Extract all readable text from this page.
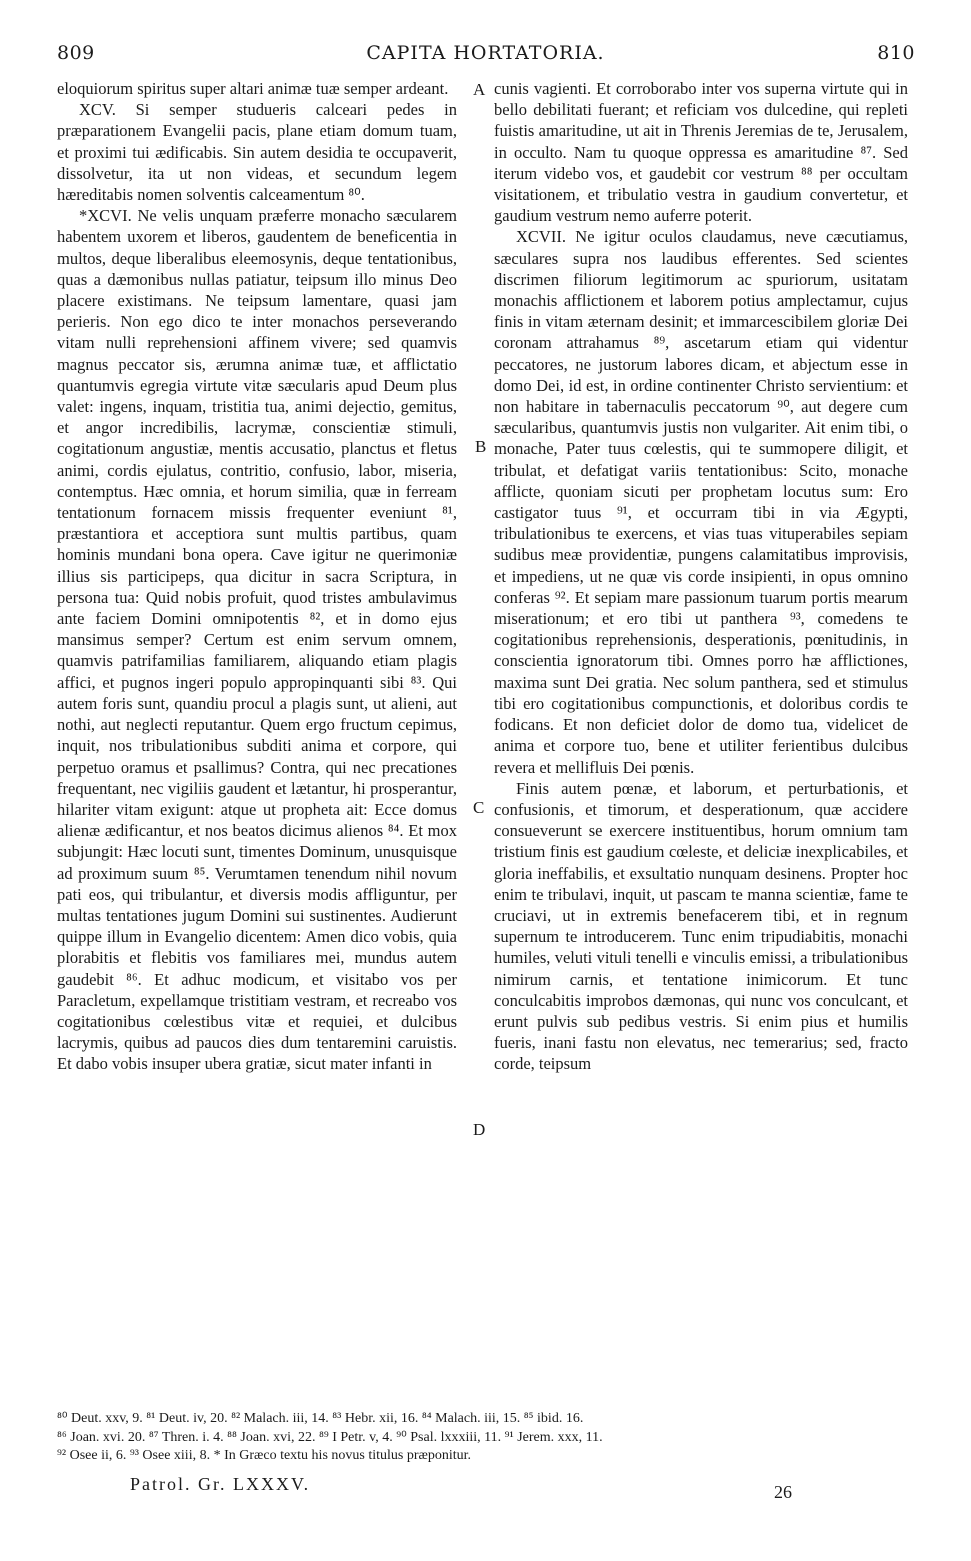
809	CAPITA HORTATORIA.	810

eloquiorum spiritus super altari animæ tuæ semper ardeant.

XCV. Si semper studueris calceari pedes in præparationem Evangelii pacis, plane etiam domum tuam, et proximi tui ædificabis. Sin autem desidia te occupaverit, dissolvetur, ita ut non videas, et secundum legem hæreditabis nomen solventis calceamentum ⁸⁰.

*XCVI. Ne velis unquam præferre monacho sæcularem habentem uxorem et liberos, gaudentem de beneficentia in multos, deque liberalibus eleemosynis, deque tentationibus, quas a dæmonibus nullas patiatur, teipsum illo minus Deo placere existimans. Ne teipsum lamentare, quasi jam perieris. Non ego dico te inter monachos perseverando vitam nulli reprehensioni affinem vivere; sed quamvis magnus peccator sis, ærumna animæ tuæ, et afflictatio quantumvis egregia virtute vitæ sæcularis apud Deum plus valet: ingens, inquam, tristitia tua, animi dejectio, gemitus, et angor incredibilis, lacrymæ, conscientiæ stimuli, cogitationum angustiæ, mentis accusatio, planctus et fletus animi, cordis ejulatus, contritio, confusio, labor, miseria, contemptus. Hæc omnia, et horum similia, quæ in ferream tentationum fornacem missis frequenter eveniunt ⁸¹, præstantiora et acceptiora sunt multis partibus, quam hominis mundani bona opera. Cave igitur ne querimoniæ illius sis participeps, qua dicitur in sacra Scriptura, in persona tua: Quid nobis profuit, quod tristes ambulavimus ante faciem Domini omnipotentis ⁸², et in domo ejus mansimus semper? Certum est enim servum omnem, quamvis patrifamilias familiarem, aliquando etiam plagis affici, et pugnos ingeri populo appropinquanti sibi ⁸³. Qui autem foris sunt, quandiu procul a plagis sunt, ut alieni, aut nothi, aut neglecti reputantur. Quem ergo fructum cepimus, inquit, nos tribulationibus subditi anima et corpore, qui perpetuo oramus et psallimus? Contra, qui nec precationes frequentant, nec vigiliis gaudent et lætantur, hi prosperantur, hilariter vitam exigunt: atque ut propheta ait: Ecce domus alienæ ædificantur, et nos beatos dicimus alienos ⁸⁴. Et mox subjungit: Hæc locuti sunt, timentes Dominum, unusquisque ad proximum suum ⁸⁵. Verumtamen tenendum nihil novum pati eos, qui tribulantur, et diversis modis affliguntur, per multas tentationes jugum Domini sui sustinentes. Audierunt quippe illum in Evangelio dicentem: Amen dico vobis, quia plorabitis et flebitis vos familiares mei, mundus autem gaudebit ⁸⁶. Et adhuc modicum, et visitabo vos per Paracletum, expellamque tristitiam vestram, et recreabo vos cogitationibus cœlestibus vitæ et requiei, et dulcibus lacrymis, quibus ad paucos dies dum tentaremini caruistis. Et dabo vobis insuper ubera gratiæ, sicut mater infanti in

cunis vagienti. Et corroborabo inter vos superna virtute qui in bello debilitati fuerant; et reficiam vos dulcedine, qui repleti fuistis amaritudine, ut ait in Threnis Jeremias de te, Jerusalem, in occulto. Nam tu quoque oppressa es amaritudine ⁸⁷. Sed iterum videbo vos, et gaudebit cor vestrum ⁸⁸ per occultam visitationem, et tribulatio vestra in gaudium convertetur, et gaudium vestrum nemo auferre poterit.

XCVII. Ne igitur oculos claudamus, neve cæcutiamus, sæculares supra nos laudibus efferentes. Sed scientes discrimen filiorum legitimorum ac spuriorum, usitatam monachis afflictionem et laborem potius amplectamur, cujus finis in vitam æternam desinit; et immarcescibilem gloriæ Dei coronam attrahamus ⁸⁹, ascetarum etiam qui videntur peccatores, ne justorum labores dicam, et abjectum esse in domo Dei, id est, in ordine continenter Christo servientium: et non habitare in tabernaculis peccatorum ⁹⁰, aut degere cum sæcularibus, quantumvis justis non vulgariter. Ait enim tibi, o monache, Pater tuus cœlestis, qui te summopere diligit, et tribulat, et defatigat variis tentationibus: Scito, monache afflicte, quoniam sicuti per prophetam locutus sum: Ero castigator tuus ⁹¹, et occurram tibi in via Ægypti, tribulationibus te exercens, et vias tuas vituperabiles sepiam sudibus meæ providentiæ, pungens calamitatibus improvisis, et impediens, ut ne quæ vis corde insipienti, in opus omnino conferas ⁹². Et sepiam mare passionum tuarum portis mearum miserationum; et ero tibi ut panthera ⁹³, comedens te cogitationibus reprehensionis, desperationis, pœnitudinis, in conscientia ignoratorum tibi. Omnes porro hæ afflictiones, maxima sunt Dei gratia. Nec solum panthera, sed et stimulus tibi ero cogitationibus compunctionis, et doloribus cordis te fodicans. Et non deficiet dolor de domo tua, videlicet de anima et corpore tuo, bene et utiliter ferientibus dulcibus revera et mellifluis Dei pœnis.

Finis autem pœnæ, et laborum, et perturbationis, et confusionis, et timorum, et desperationum, quæ accidere consueverunt se exercere instituentibus, horum omnium tam tristium finis est gaudium cœleste, et deliciæ inexplicabiles, et gloria ineffabilis, et exsultatio nunquam desinens. Propter hoc enim te tribulavi, inquit, ut pascam te manna scientiæ, fame te cruciavi, ut in extremis benefacerem tibi, et in regnum supernum te introducerem. Tunc enim tripudiabitis, monachi humiles, veluti vituli tenelli e vinculis emissi, a tribulationibus nimirum carnis, et tentatione inimicorum. Et tunc conculcabitis improbos dæmonas, qui nunc vos conculcant, et erunt pulvis sub pedibus vestris. Si enim pius et humilis fueris, inani fastu non elevatus, nec temerarius; sed, fracto corde, teipsum

A
B
C
D
⁸⁰ Deut. xxv, 9. ⁸¹ Deut. iv, 20. ⁸² Malach. iii, 14. ⁸³ Hebr. xii, 16. ⁸⁴ Malach. iii, 15. ⁸⁵ ibid. 16.
⁸⁶ Joan. xvi. 20. ⁸⁷ Thren. i. 4. ⁸⁸ Joan. xvi, 22. ⁸⁹ I Petr. v, 4. ⁹⁰ Psal. lxxxiii, 11. ⁹¹ Jerem. xxx, 11.
⁹² Osee ii, 6. ⁹³ Osee xiii, 8. * In Græco textu his novus titulus præponitur.
Patrol. Gr. LXXXV.	26
